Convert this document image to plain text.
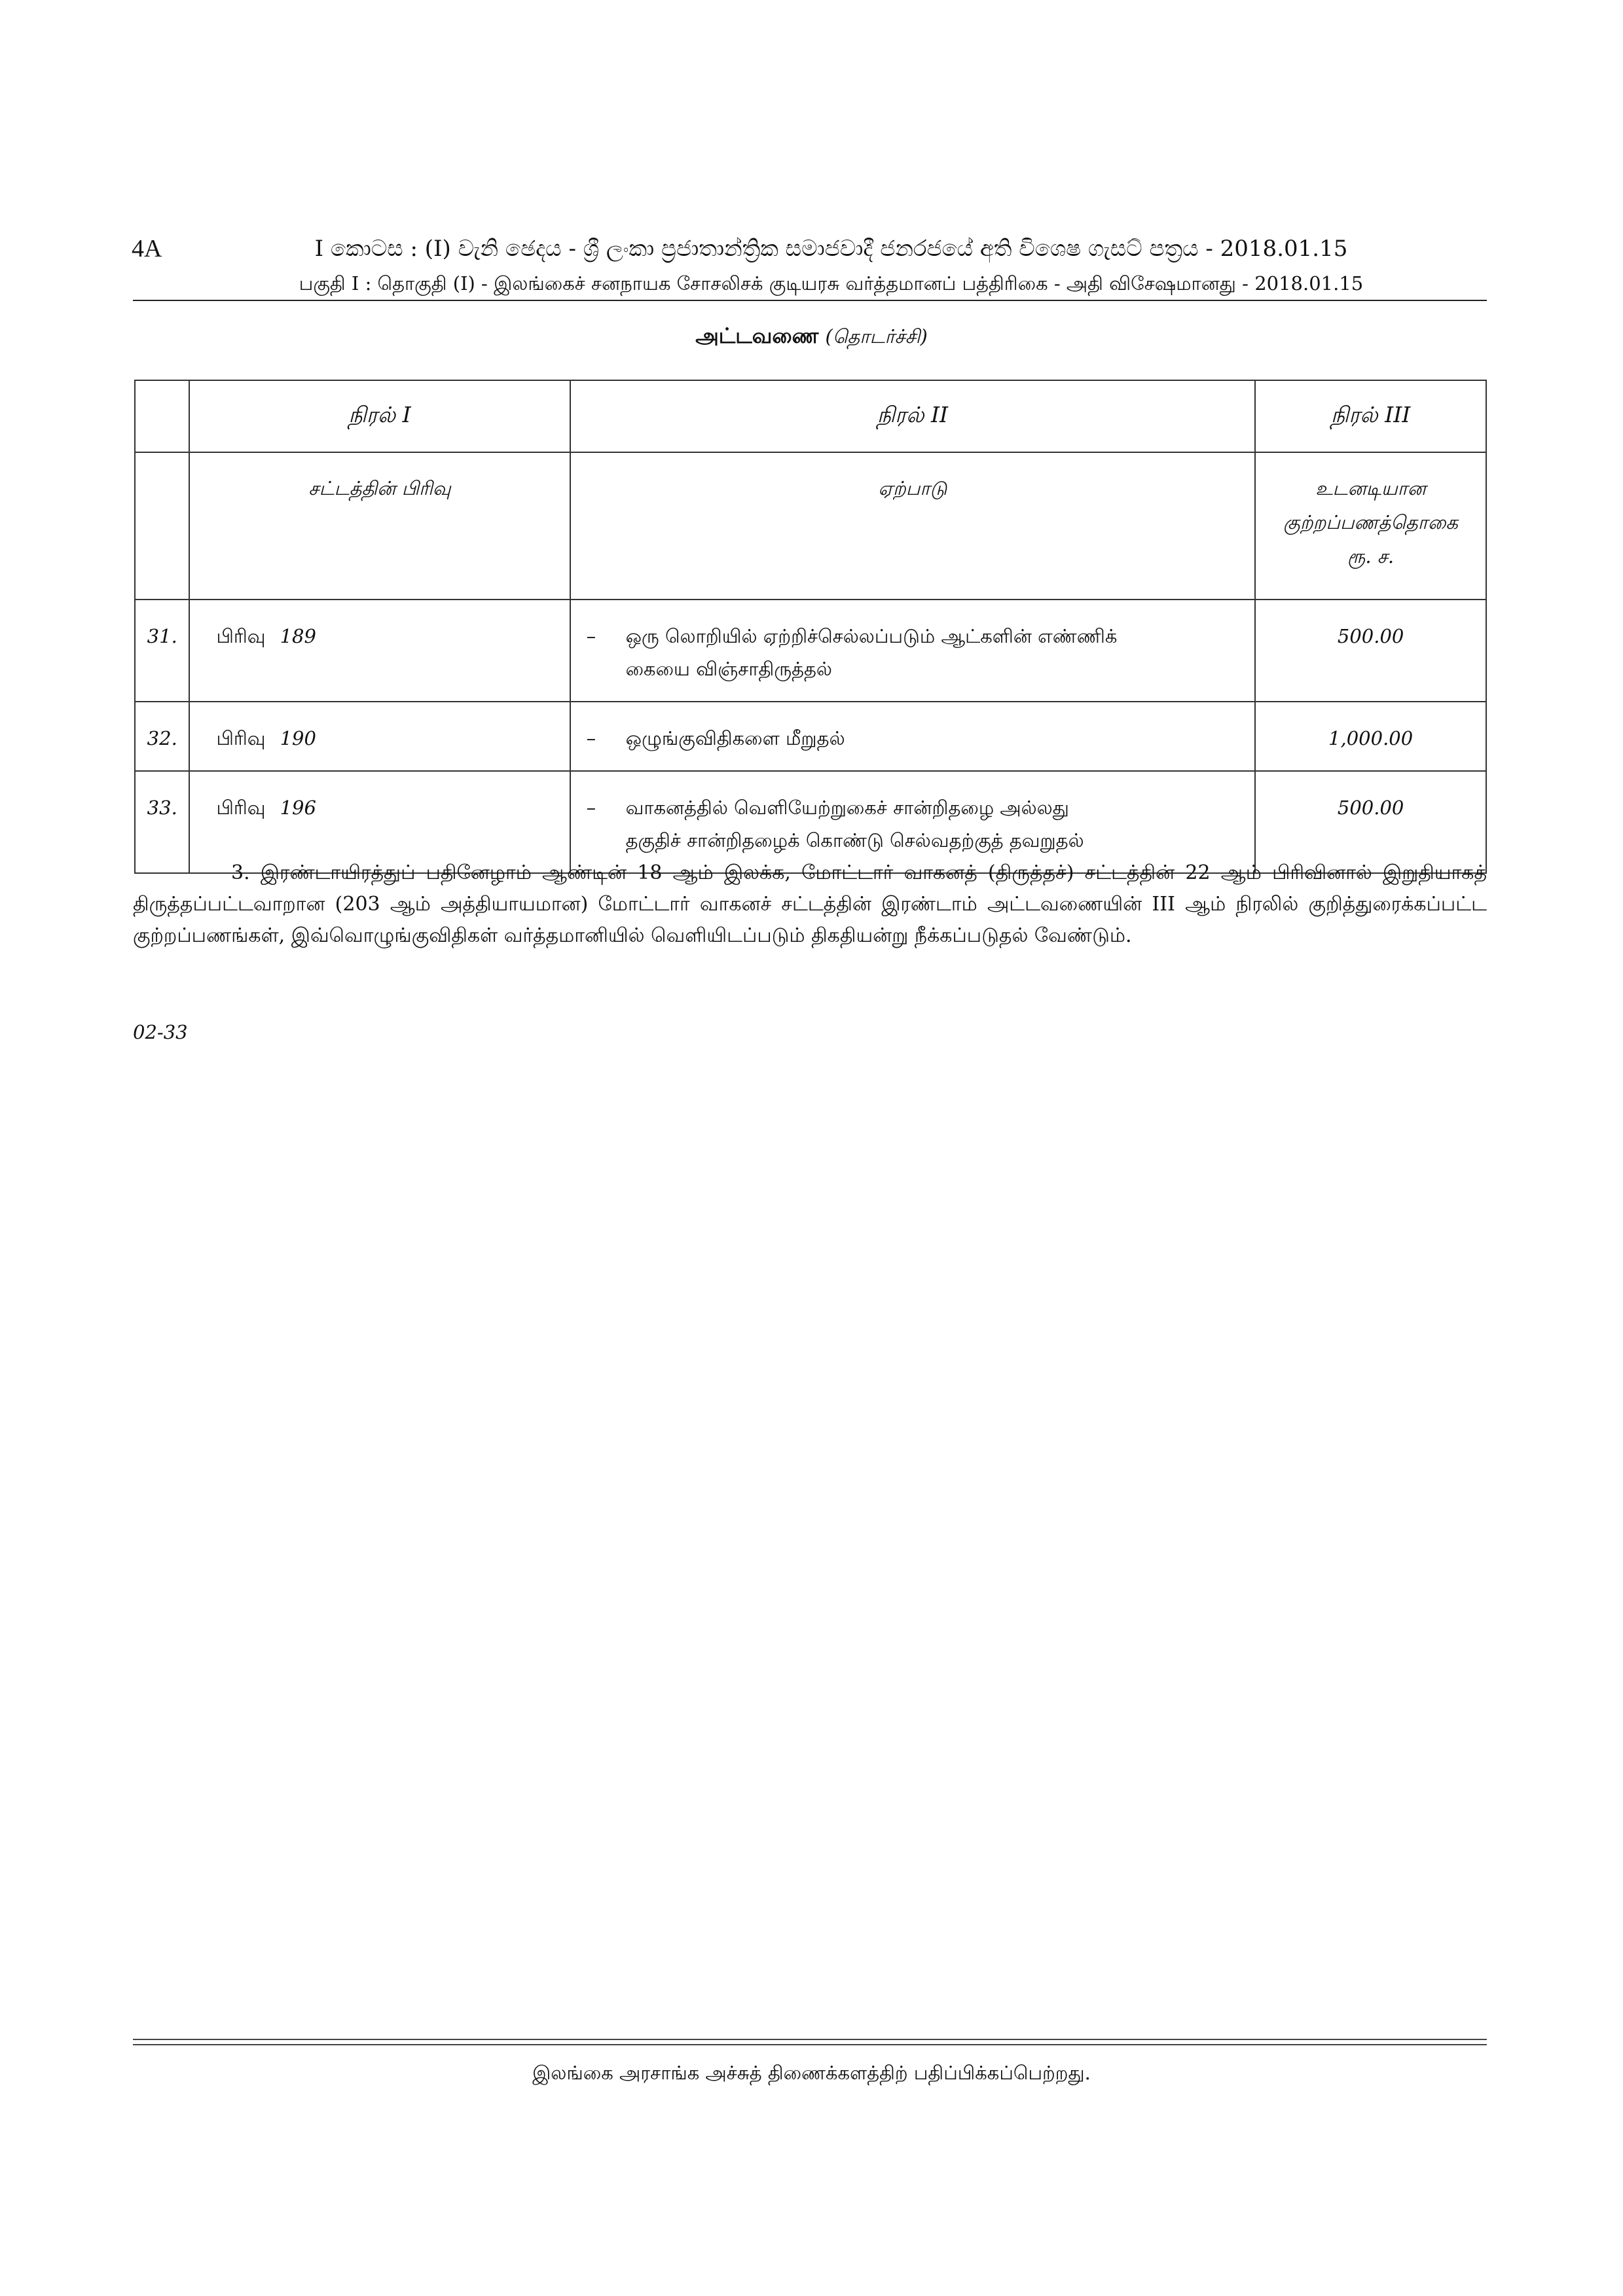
4A	I කොටස : (I) වැනි ඡෙදය - ශ්‍රී ලංකා ප්‍රජාතාන්ත්‍රික සමාජවාදී ජනරජයේ අති විශෙෂ ගැසට් පත්‍රය - 2018.01.15
பகுதி I : தொகுதி (I) - இலங்கைச் சனநாயக சோசலிசக் குடியரசு வர்த்தமானப் பத்திரிகை - அதி விசேஷமானது - 2018.01.15
அட்டவணை (தொடர்ச்சி)
	நிரல் I	நிரல் II	நிரல் III
	சட்டத்தின் பிரிவு	ஏற்பாடு	உடனடியான
குற்றப்பணத்தொகை
ரூ. ச.

31.	பிரிவு 189	– ஒரு லொறியில் ஏற்றிச்செல்லப்படும் ஆட்களின் எண்ணிக்
கையை விஞ்சாதிருத்தல்	500.00
32.	பிரிவு 190	– ஒழுங்குவிதிகளை மீறுதல்	1,000.00
33.	பிரிவு 196	– வாகனத்தில் வெளியேற்றுகைச் சான்றிதழை அல்லது
தகுதிச் சான்றிதழைக் கொண்டு செல்வதற்குத் தவறுதல்	500.00
3. இரண்டாயிரத்துப் பதினேழாம் ஆண்டின் 18 ஆம் இலக்க, மோட்டார் வாகனத் (திருத்தச்) சட்டத்தின் 22 ஆம் பிரிவினால் இறுதியாகத் திருத்தப்பட்டவாறான (203 ஆம் அத்தியாயமான) மோட்டார் வாகனச் சட்டத்தின் இரண்டாம் அட்டவணையின் III ஆம் நிரலில் குறித்துரைக்கப்பட்ட குற்றப்பணங்கள், இவ்வொழுங்குவிதிகள் வர்த்தமானியில் வெளியிடப்படும் திகதியன்று நீக்கப்படுதல் வேண்டும்.
02-33
இலங்கை அரசாங்க அச்சுத் திணைக்களத்திற் பதிப்பிக்கப்பெற்றது.
